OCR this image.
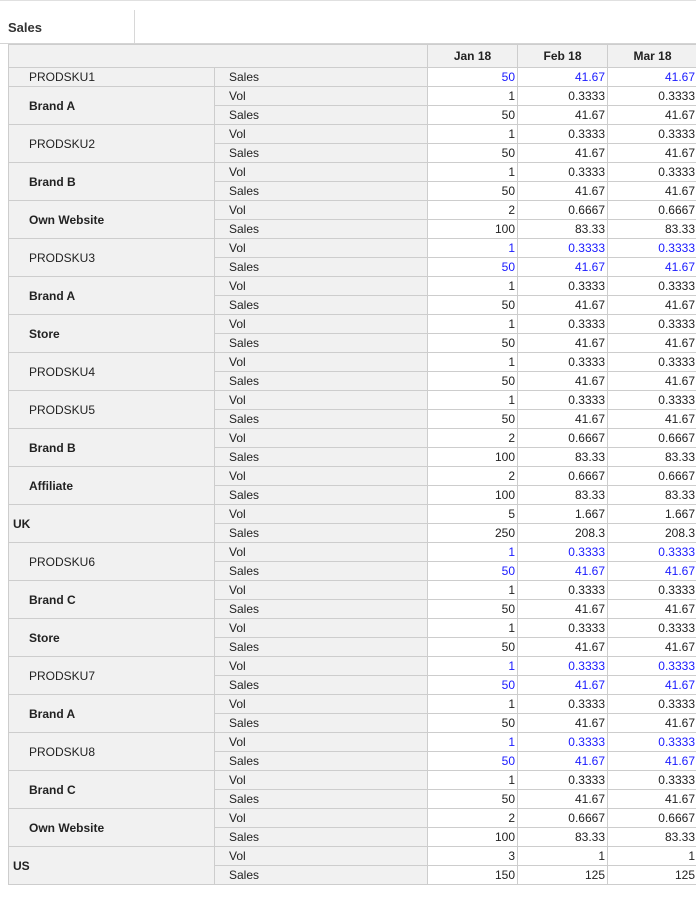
Sales
		Jan 18	Feb 18	Mar 18
PRODSKU1	Sales	50	41.67	41.67
Brand A	Vol	1	0.3333	0.3333
	Sales	50	41.67	41.67
PRODSKU2	Vol	1	0.3333	0.3333
	Sales	50	41.67	41.67
Brand B	Vol	1	0.3333	0.3333
	Sales	50	41.67	41.67
Own Website	Vol	2	0.6667	0.6667
	Sales	100	83.33	83.33
PRODSKU3	Vol	1	0.3333	0.3333
	Sales	50	41.67	41.67
Brand A	Vol	1	0.3333	0.3333
	Sales	50	41.67	41.67
Store	Vol	1	0.3333	0.3333
	Sales	50	41.67	41.67
PRODSKU4	Vol	1	0.3333	0.3333
	Sales	50	41.67	41.67
PRODSKU5	Vol	1	0.3333	0.3333
	Sales	50	41.67	41.67
Brand B	Vol	2	0.6667	0.6667
	Sales	100	83.33	83.33
Affiliate	Vol	2	0.6667	0.6667
	Sales	100	83.33	83.33
UK	Vol	5	1.667	1.667
	Sales	250	208.3	208.3
PRODSKU6	Vol	1	0.3333	0.3333
	Sales	50	41.67	41.67
Brand C	Vol	1	0.3333	0.3333
	Sales	50	41.67	41.67
Store	Vol	1	0.3333	0.3333
	Sales	50	41.67	41.67
PRODSKU7	Vol	1	0.3333	0.3333
	Sales	50	41.67	41.67
Brand A	Vol	1	0.3333	0.3333
	Sales	50	41.67	41.67
PRODSKU8	Vol	1	0.3333	0.3333
	Sales	50	41.67	41.67
Brand C	Vol	1	0.3333	0.3333
	Sales	50	41.67	41.67
Own Website	Vol	2	0.6667	0.6667
	Sales	100	83.33	83.33
US	Vol	3	1	1
	Sales	150	125	125
